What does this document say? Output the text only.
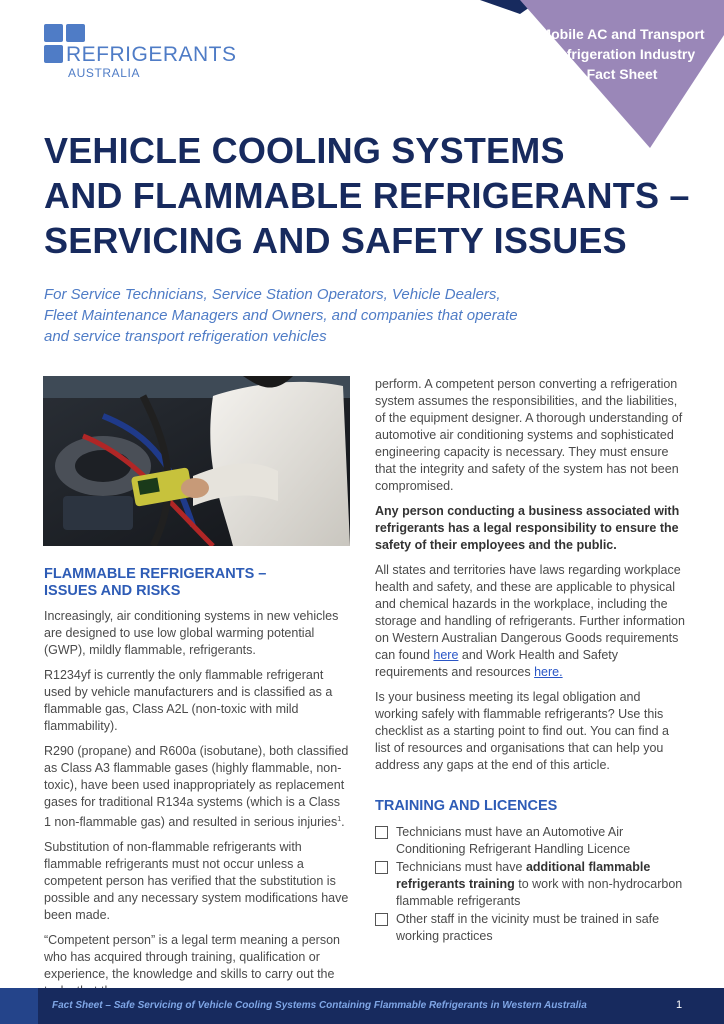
Mobile AC and Transport
Refrigeration Industry
Fact Sheet
REFRIGERANTS
AUSTRALIA
VEHICLE COOLING SYSTEMS
AND FLAMMABLE REFRIGERANTS –
SERVICING AND SAFETY ISSUES
For Service Technicians, Service Station Operators, Vehicle Dealers,
Fleet Maintenance Managers and Owners, and companies that operate
and service transport refrigeration vehicles
FLAMMABLE REFRIGERANTS –
ISSUES AND RISKS

Increasingly, air conditioning systems in new vehicles are designed to use low global warming potential (GWP), mildly flammable, refrigerants.

R1234yf is currently the only flammable refrigerant used by vehicle manufacturers and is classified as a flammable gas, Class A2L (non-toxic with mild flammability).

R290 (propane) and R600a (isobutane), both classified as Class A3 flammable gases (highly flammable, non-toxic), have been used inappropriately as replacement gases for traditional R134a systems (which is a Class 1 non-flammable gas) and resulted in serious injuries$^1$.

Substitution of non-flammable refrigerants with flammable refrigerants must not occur unless a competent person has verified that the substitution is possible and any necessary system modifications have been made.

“Competent person” is a legal term meaning a person who has acquired through training, qualification or experience, the knowledge and skills to carry out the

perform. A competent person converting a refrigeration system assumes the responsibilities, and the liabilities, of the equipment designer. A thorough understanding of automotive air conditioning systems and sophisticated engineering capacity is necessary. They must ensure that the integrity and safety of the system has not been compromised.

Any person conducting a business associated with refrigerants has a legal responsibility to ensure the safety of their employees and the public.

All states and territories have laws regarding workplace health and safety, and these are applicable to physical and chemical hazards in the workplace, including the storage and handling of refrigerants. Further information on Western Australian Dangerous Goods requirements can found here and Work Health and Safety requirements and resources here.

Is your business meeting its legal obligation and working safely with flammable refrigerants? Use this checklist as a starting point to find out. You can find a list of resources and organisations that can help you address any gaps at the end of this article.

TRAINING AND LICENCES
Technicians must have an Automotive Air Conditioning Refrigerant Handling Licence
Technicians must have additional flammable refrigerants training to work with non-hydrocarbon flammable refrigerants
Other staff in the vicinity must be trained in safe working practices
Fact Sheet – Safe Servicing of Vehicle Cooling Systems Containing Flammable Refrigerants in Western Australia	1
